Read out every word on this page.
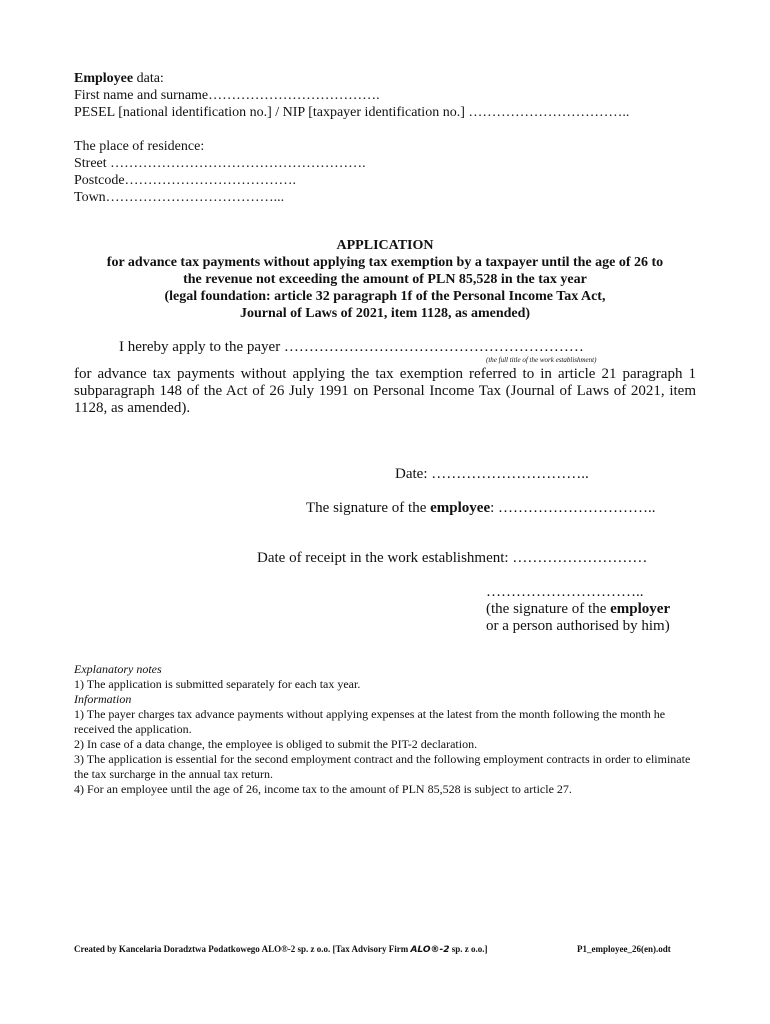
Employee data:
First name and surname……………………………….
PESEL [national identification no.] / NIP [taxpayer identification no.] ……………………………..
The place of residence:
Street ……………………………………………….
Postcode……………………………….
Town………………………………...
APPLICATION
for advance tax payments without applying tax exemption by a taxpayer until the age of 26 to
the revenue not exceeding the amount of PLN 85,528 in the tax year
(legal foundation: article 32 paragraph 1f of the Personal Income Tax Act,
Journal of Laws of 2021, item 1128, as amended)
I hereby apply to the payer ……………………………………………………
(the full title of the work establishment)
for advance tax payments without applying the tax exemption referred to in article 21 paragraph 1 subparagraph 148 of the Act of 26 July 1991 on Personal Income Tax (Journal of Laws of 2021, item 1128, as amended).
Date: …………………………..
The signature of the employee: …………………………..
Date of receipt in the work establishment: ………………………
…………………………..
(the signature of the employer
or a person authorised by him)
Explanatory notes
1) The application is submitted separately for each tax year.
Information
1) The payer charges tax advance payments without applying expenses at the latest from the month following the month he received the application.
2) In case of a data change, the employee is obliged to submit the PIT-2 declaration.
3) The application is essential for the second employment contract and the following employment contracts in order to eliminate the tax surcharge in the annual tax return.
4) For an employee until the age of 26, income tax to the amount of PLN 85,528 is subject to article 27.
Created by Kancelaria Doradztwa Podatkowego ALO®-2 sp. z o.o. [Tax Advisory Firm ALO®-2 sp. z o.o.]	P1_employee_26(en).odt
